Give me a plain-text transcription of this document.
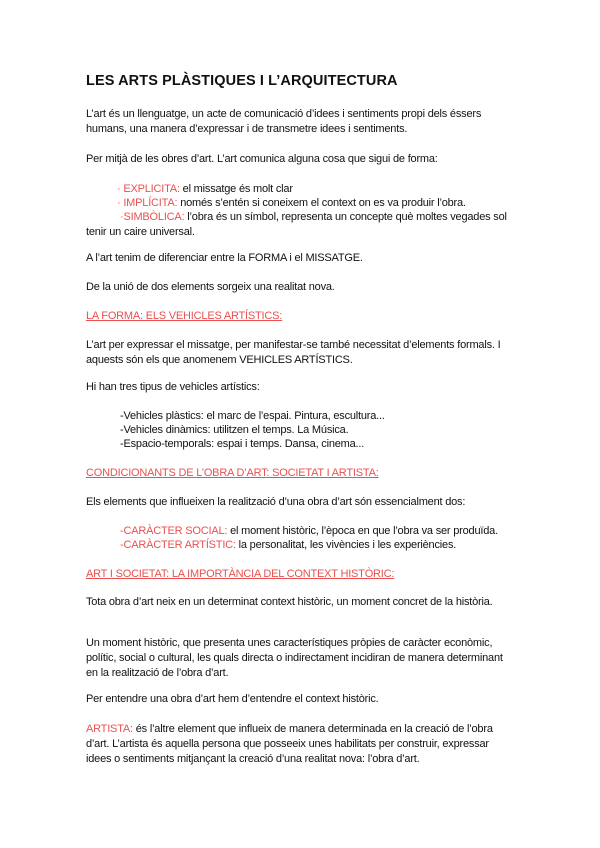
LES ARTS PLÀSTIQUES I L’ARQUITECTURA
L’art és un llenguatge, un acte de comunicació d’idees i sentiments propi dels éssers humans, una manera d’expressar i de transmetre idees i sentiments.
Per mitjà de les obres d’art. L’art comunica alguna cosa que sigui de forma:
· EXPLICITA: el missatge és molt clar
· IMPLÍCITA: només s’entén si coneixem el context on es va produir l’obra.
·SIMBÒLICA: l’obra és un símbol, representa un concepte què moltes vegades sol tenir un caire universal.
A l’art tenim de diferenciar entre la FORMA i el MISSATGE.
De la unió de dos elements sorgeix una realitat nova.
LA FORMA: ELS VEHICLES ARTÍSTICS:
L’art per expressar el missatge, per manifestar-se també necessitat d’elements formals. I aquests són els que anomenem VEHICLES ARTÍSTICS.
Hi han tres tipus de vehicles artístics:
-Vehicles plàstics: el marc de l’espai. Pintura, escultura...
-Vehicles dinàmics: utilitzen el temps. La Música.
-Espacio-temporals: espai i temps. Dansa, cinema...
CONDICIONANTS DE L’OBRA D’ART: SOCIETAT I ARTISTA:
Els elements que influeixen la realització d’una obra d’art són essencialment dos:
-CARÀCTER SOCIAL: el moment històric, l’època en que l’obra va ser produïda.
-CARÀCTER ARTÍSTIC: la personalitat, les vivències i les experiències.
ART I SOCIETAT: LA IMPORTÀNCIA DEL CONTEXT HISTÒRIC:
Tota obra d’art neix en un determinat context històric, un moment concret de la història.
Un moment històric, que presenta unes característiques pròpies de caràcter econòmic, polític, social o cultural, les quals directa o indirectament incidiran de manera determinant en la realització de l’obra d’art.
Per entendre una obra d’art hem d’entendre el context històric.
ARTISTA: és l’altre element que influeix de manera determinada en la creació de l’obra d’art. L’artista és aquella persona que posseeix unes habilitats per construir, expressar idees o sentiments mitjançant la creació d’una realitat nova: l’obra d’art.
